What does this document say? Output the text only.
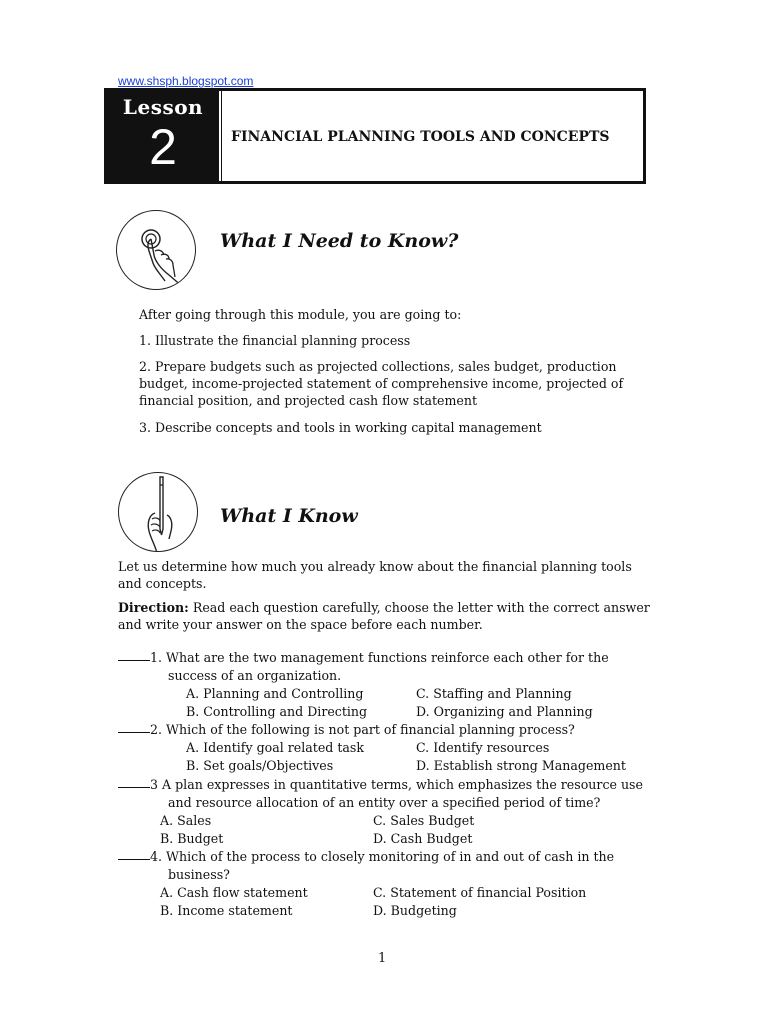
www.shsph.blogspot.com
Lesson
2	FINANCIAL PLANNING TOOLS AND CONCEPTS
What I Need to Know?
After going through this module, you are going to:
1. Illustrate the financial planning process
2. Prepare budgets such as projected collections, sales budget, production
budget, income-projected statement of comprehensive income, projected of
financial position, and projected cash flow statement
3. Describe concepts and tools in working capital management
What I Know
Let us determine how much you already know about the financial planning tools
and concepts.
Direction: Read each question carefully, choose the letter with the correct answer
and write your answer on the space before each number.
1. What are the two management functions reinforce each other for the
success of an organization.
A. Planning and Controlling	C. Staffing and Planning
B. Controlling and Directing	D. Organizing and Planning
2. Which of the following is not part of financial planning process?
A. Identify goal related task	C. Identify resources
B. Set goals/Objectives	D. Establish strong Management
3 A plan expresses in quantitative terms, which emphasizes the resource use
and resource allocation of an entity over a specified period of time?
A. Sales	C. Sales Budget
B. Budget	D. Cash Budget
4. Which of the process to closely monitoring of in and out of cash in the
business?
A. Cash flow statement	C. Statement of financial Position
B. Income statement	D. Budgeting
1
